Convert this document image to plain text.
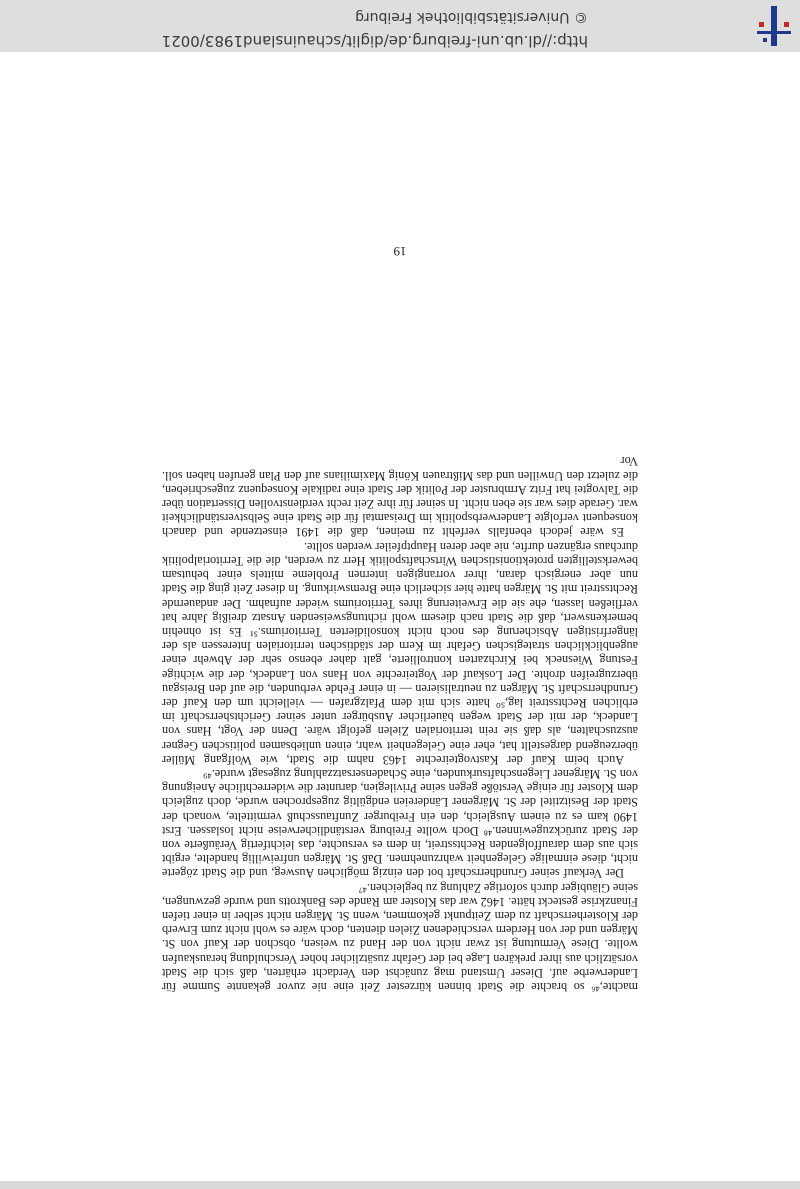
machte,⁴⁶ so brachte die Stadt binnen kürzester Zeit eine nie zuvor gekannte Summe für Landerwerbe auf. Dieser Umstand mag zunächst den Verdacht erhärten, daß sich die Stadt vorsätzlich aus ihrer prekären Lage bei der Gefahr zusätzlicher hoher Verschuldung herauskaufen wollte. Diese Vermutung ist zwar nicht von der Hand zu weisen, obschon der Kauf von St. Märgen und der von Herdern verschiedenen Zielen dienten, doch wäre es wohl nicht zum Erwerb der Klosterherrschaft zu dem Zeitpunkt gekommen, wenn St. Märgen nicht selber in einer tiefen Finanzkrise gesteckt hätte. 1462 war das Kloster am Rande des Bankrotts und wurde gezwungen, seine Gläubiger durch sofortige Zahlung zu begleichen.⁴⁷

Der Verkauf seiner Grundherrschaft bot den einzig möglichen Ausweg, und die Stadt zögerte nicht, diese einmalige Gelegenheit wahrzunehmen. Daß St. Märgen unfreiwillig handelte, ergibt sich aus dem darauffolgenden Rechtsstreit, in dem es versuchte, das leichtfertig Veräußerte von der Stadt zurückzugewinnen.⁴⁸ Doch wollte Freiburg verständlicherweise nicht loslassen. Erst 1490 kam es zu einem Ausgleich, den ein Freiburger Zunftausschuß vermittelte, wonach der Stadt der Besitztitel der St. Märgener Ländereien endgültig zugesprochen wurde, doch zugleich dem Kloster für einige Verstöße gegen seine Privilegien, darunter die widerrechtliche Aneignung von St. Märgener Liegenschaftsurkunden, eine Schadensersatzzahlung zugesagt wurde.⁴⁹

Auch beim Kauf der Kastvogteirechte 1463 nahm die Stadt, wie Wolfgang Müller überzeugend dargestellt hat, eher eine Gelegenheit wahr, einen unliebsamen politischen Gegner auszuschalten, als daß sie rein territorialen Zielen gefolgt wäre. Denn der Vogt, Hans von Landeck, der mit der Stadt wegen bäuerlicher Ausbürger unter seiner Gerichtsherrschaft im erblichen Rechtsstreit lag,⁵⁰ hatte sich mit dem Pfalzgrafen — vielleicht um den Kauf der Grundherrschaft St. Märgen zu neutralisieren — in einer Fehde verbunden, die auf den Breisgau überzugreifen drohte. Der Loskauf der Vogteirechte von Hans von Landeck, der die wichtige Festung Wiesneck bei Kirchzarten kontrollierte, galt daher ebenso sehr der Abwehr einer augenblicklichen strategischen Gefahr im Kern der städtischen territorialen Interessen als der längerfristigen Absicherung des noch nicht konsolidierten Territoriums.⁵¹ Es ist ohnehin bemerkenswert, daß die Stadt nach diesem wohl richtungsweisenden Ansatz dreißig Jahre hat verfließen lassen, ehe sie die Erweiterung ihres Territoriums wieder aufnahm. Der andauernde Rechtsstreit mit St. Märgen hatte hier sicherlich eine Bremswirkung. In dieser Zeit ging die Stadt nun aber energisch daran, ihrer vorrangigen internen Probleme mittels einer behutsam bewerkstelligten protektionistischen Wirtschaftspolitik Herr zu werden, die die Territorialpolitik durchaus ergänzen durfte, nie aber deren Hauptpfeiler werden sollte.

Es wäre jedoch ebenfalls verfehlt zu meinen, daß die 1491 einsetzende und danach konsequent verfolgte Landerwerbspolitik im Dreisamtal für die Stadt eine Selbstverständlichkeit war. Gerade dies war sie eben nicht. In seiner für ihre Zeit recht verdienstvollen Dissertation über die Talvogtei hat Fritz Armbruster der Politik der Stadt eine radikale Konsequenz zugeschrieben, die zuletzt den Unwillen und das Mißtrauen König Maximilians auf den Plan gerufen haben soll. Vor

19
http://dl.ub.uni-freiburg.de/diglit/schauinsland1983/0021
© Universitätsbibliothek Freiburg
